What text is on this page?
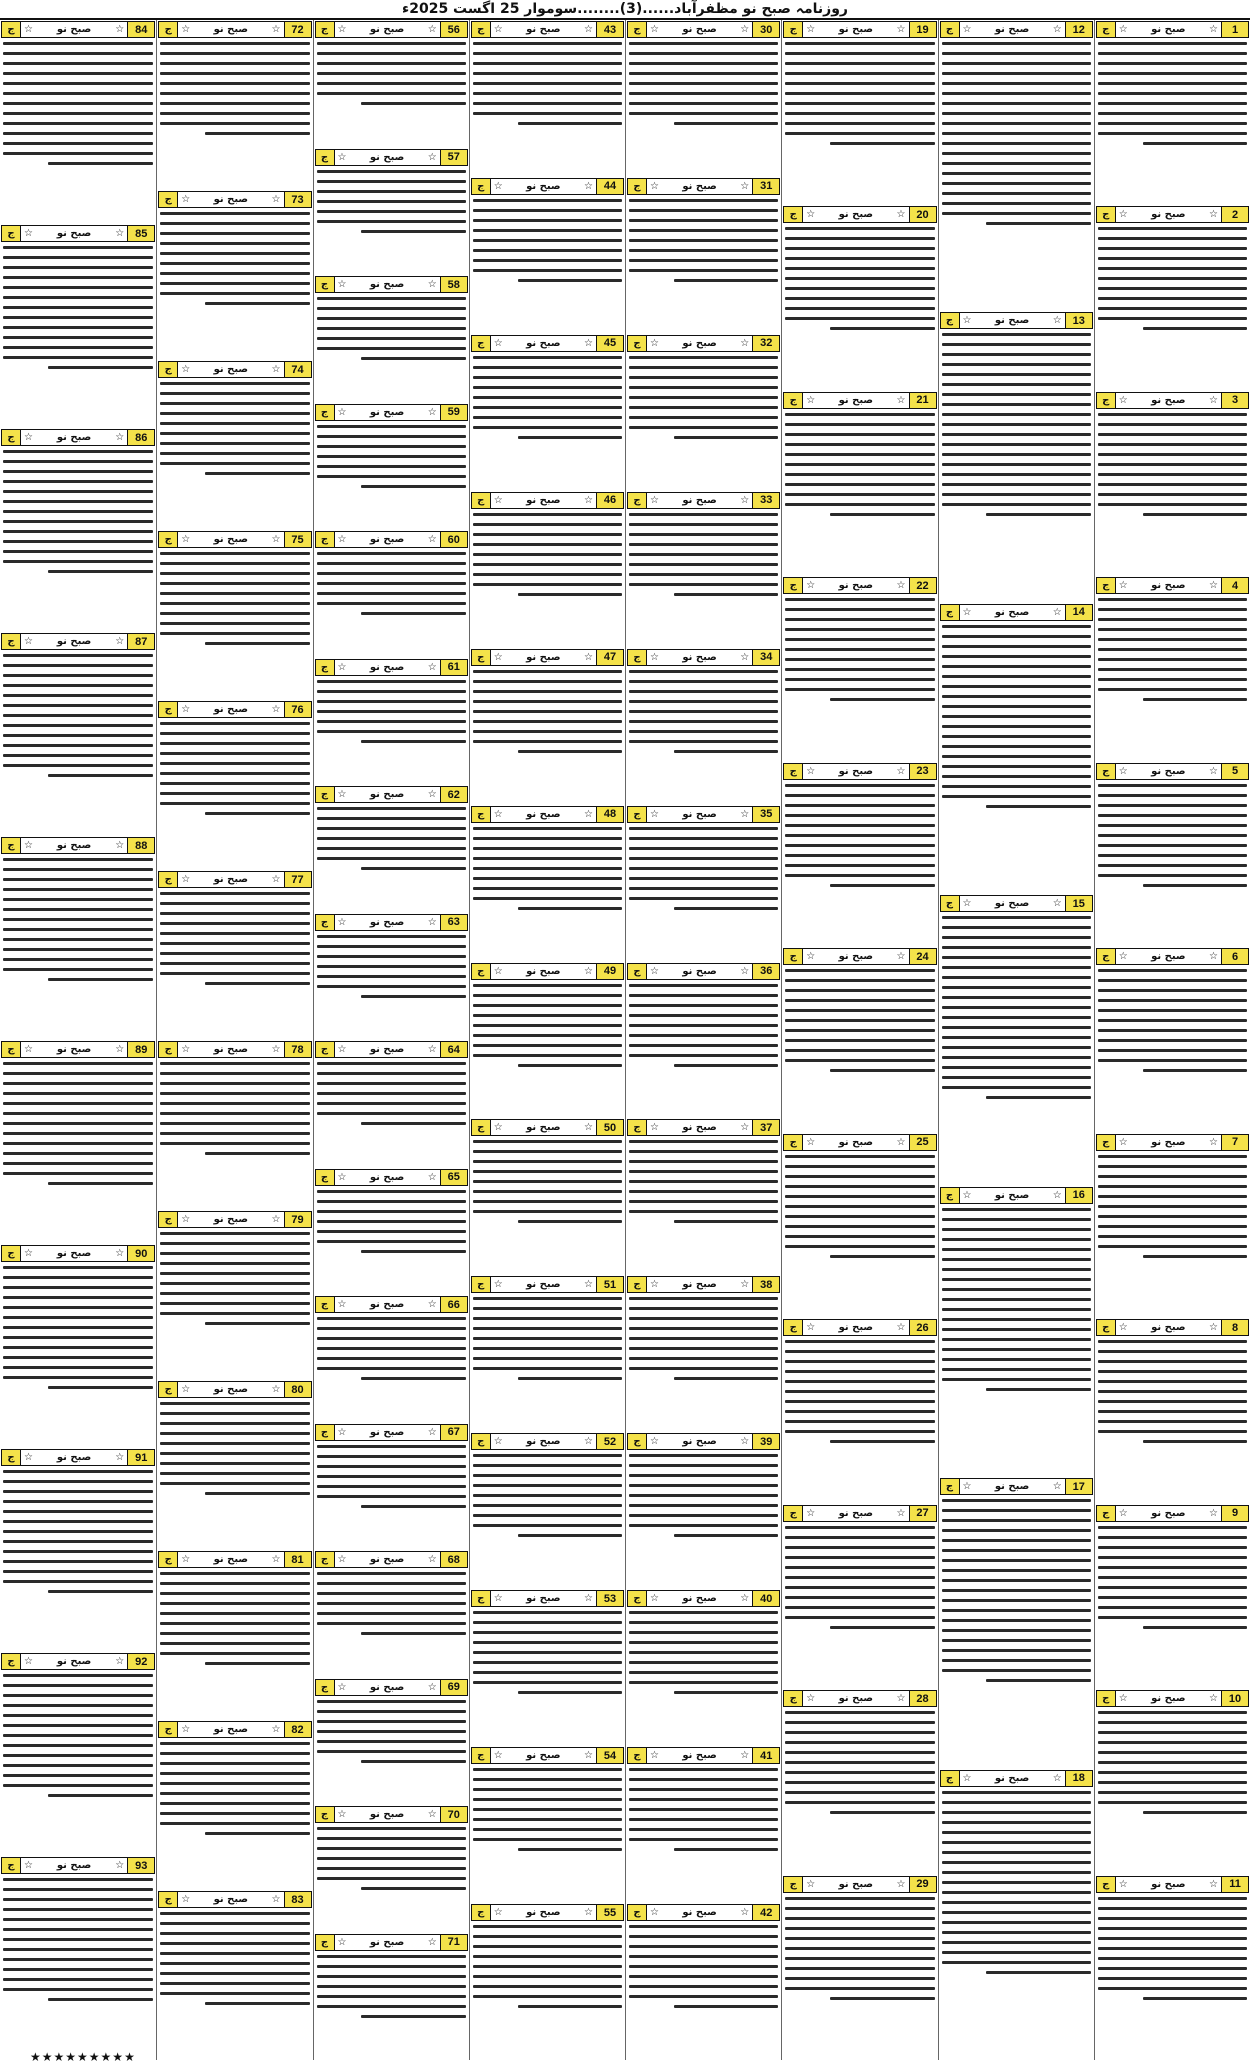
روزنامہ صبح نو مظفرآباد......(3)........سوموار 25 اگست 2025ء
1
☆
صبح نو
☆
ج
2
☆
صبح نو
☆
ج
3
☆
صبح نو
☆
ج
4
☆
صبح نو
☆
ج
5
☆
صبح نو
☆
ج
6
☆
صبح نو
☆
ج
7
☆
صبح نو
☆
ج
8
☆
صبح نو
☆
ج
9
☆
صبح نو
☆
ج
10
☆
صبح نو
☆
ج
11
☆
صبح نو
☆
ج
12
☆
صبح نو
☆
ج
13
☆
صبح نو
☆
ج
14
☆
صبح نو
☆
ج
15
☆
صبح نو
☆
ج
16
☆
صبح نو
☆
ج
17
☆
صبح نو
☆
ج
18
☆
صبح نو
☆
ج
19
☆
صبح نو
☆
ج
20
☆
صبح نو
☆
ج
21
☆
صبح نو
☆
ج
22
☆
صبح نو
☆
ج
23
☆
صبح نو
☆
ج
24
☆
صبح نو
☆
ج
25
☆
صبح نو
☆
ج
26
☆
صبح نو
☆
ج
27
☆
صبح نو
☆
ج
28
☆
صبح نو
☆
ج
29
☆
صبح نو
☆
ج
30
☆
صبح نو
☆
ج
31
☆
صبح نو
☆
ج
32
☆
صبح نو
☆
ج
33
☆
صبح نو
☆
ج
34
☆
صبح نو
☆
ج
35
☆
صبح نو
☆
ج
36
☆
صبح نو
☆
ج
37
☆
صبح نو
☆
ج
38
☆
صبح نو
☆
ج
39
☆
صبح نو
☆
ج
40
☆
صبح نو
☆
ج
41
☆
صبح نو
☆
ج
42
☆
صبح نو
☆
ج
43
☆
صبح نو
☆
ج
44
☆
صبح نو
☆
ج
45
☆
صبح نو
☆
ج
46
☆
صبح نو
☆
ج
47
☆
صبح نو
☆
ج
48
☆
صبح نو
☆
ج
49
☆
صبح نو
☆
ج
50
☆
صبح نو
☆
ج
51
☆
صبح نو
☆
ج
52
☆
صبح نو
☆
ج
53
☆
صبح نو
☆
ج
54
☆
صبح نو
☆
ج
55
☆
صبح نو
☆
ج
56
☆
صبح نو
☆
ج
57
☆
صبح نو
☆
ج
58
☆
صبح نو
☆
ج
59
☆
صبح نو
☆
ج
60
☆
صبح نو
☆
ج
61
☆
صبح نو
☆
ج
62
☆
صبح نو
☆
ج
63
☆
صبح نو
☆
ج
64
☆
صبح نو
☆
ج
65
☆
صبح نو
☆
ج
66
☆
صبح نو
☆
ج
67
☆
صبح نو
☆
ج
68
☆
صبح نو
☆
ج
69
☆
صبح نو
☆
ج
70
☆
صبح نو
☆
ج
71
☆
صبح نو
☆
ج
72
☆
صبح نو
☆
ج
73
☆
صبح نو
☆
ج
74
☆
صبح نو
☆
ج
75
☆
صبح نو
☆
ج
76
☆
صبح نو
☆
ج
77
☆
صبح نو
☆
ج
78
☆
صبح نو
☆
ج
79
☆
صبح نو
☆
ج
80
☆
صبح نو
☆
ج
81
☆
صبح نو
☆
ج
82
☆
صبح نو
☆
ج
83
☆
صبح نو
☆
ج
84
☆
صبح نو
☆
ج
85
☆
صبح نو
☆
ج
86
☆
صبح نو
☆
ج
87
☆
صبح نو
☆
ج
88
☆
صبح نو
☆
ج
89
☆
صبح نو
☆
ج
90
☆
صبح نو
☆
ج
91
☆
صبح نو
☆
ج
92
☆
صبح نو
☆
ج
93
☆
صبح نو
☆
ج
★★★★★★★★★
